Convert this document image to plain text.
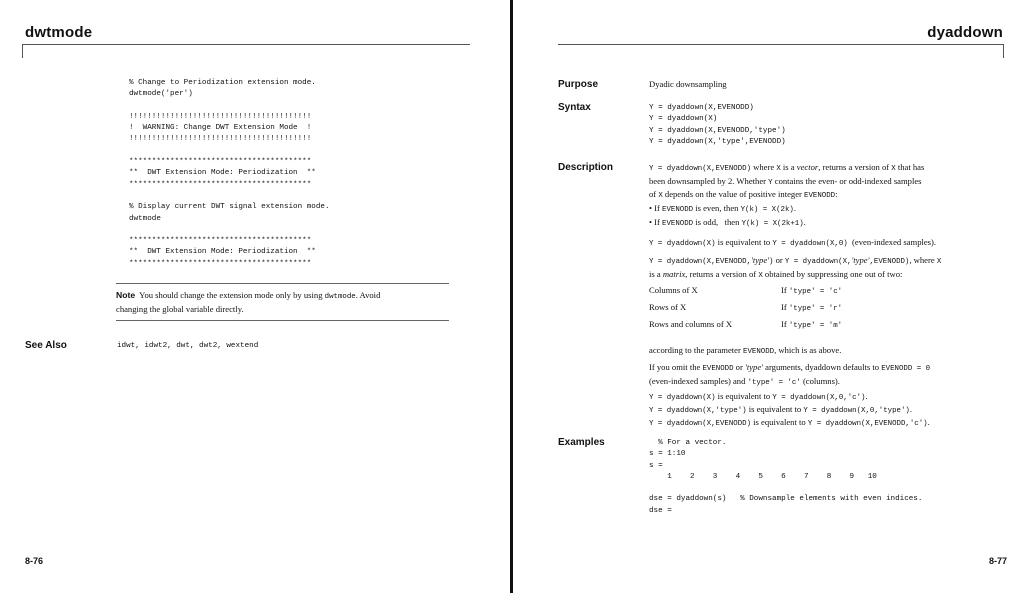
dwtmode
% Change to Periodization extension mode.
dwtmode('per')

!!!!!!!!!!!!!!!!!!!!!!!!!!!!!!!!!!!!!!!!
!  WARNING: Change DWT Extension Mode  !
!!!!!!!!!!!!!!!!!!!!!!!!!!!!!!!!!!!!!!!!

****************************************
**  DWT Extension Mode: Periodization  **
****************************************

% Display current DWT signal extension mode.
dwtmode

****************************************
**  DWT Extension Mode: Periodization  **
****************************************
Note You should change the extension mode only by using dwtmode. Avoid
changing the global variable directly.
See Also	idwt, idwt2, dwt, dwt2, wextend
8-76
dyaddown
Purpose	Dyadic downsampling
Syntax	Y = dyaddown(X,EVENODD)
Y = dyaddown(X)
Y = dyaddown(X,EVENODD,'type')
Y = dyaddown(X,'type',EVENODD)
Description	Y = dyaddown(X,EVENODD) where X is a vector, returns a version of X that has
been downsampled by 2. Whether Y contains the even- or odd-indexed samples
of X depends on the value of positive integer EVENODD:
• If EVENODD is even, then Y(k) = X(2k).
• If EVENODD is odd,   then Y(k) = X(2k+1).
Y = dyaddown(X) is equivalent to Y = dyaddown(X,0)  (even-indexed samples).
Y = dyaddown(X,EVENODD,'type') or Y = dyaddown(X,'type',EVENODD), where X
is a matrix, returns a version of X obtained by suppressing one out of two:
Columns of X	If 'type' = 'c'
Rows of X	If 'type' = 'r'
Rows and columns of X	If 'type' = 'm'
according to the parameter EVENODD, which is as above.
If you omit the EVENODD or 'type' arguments, dyaddown defaults to EVENODD = 0
(even-indexed samples) and 'type' = 'c' (columns).
Y = dyaddown(X) is equivalent to Y = dyaddown(X,0,'c').
Y = dyaddown(X,'type') is equivalent to Y = dyaddown(X,0,'type').
Y = dyaddown(X,EVENODD) is equivalent to Y = dyaddown(X,EVENODD,'c').
Examples	% For a vector.
s = 1:10
s =
1    2    3    4    5    6    7    8    9   10

dse = dyaddown(s)   % Downsample elements with even indices.
dse =
8-77
